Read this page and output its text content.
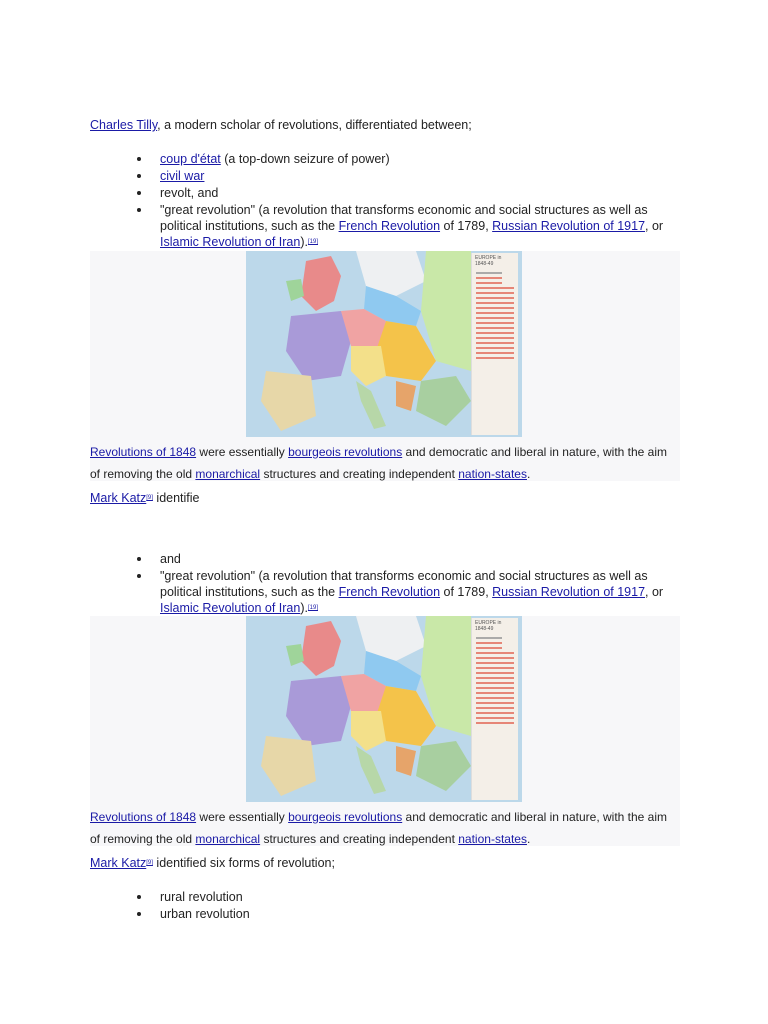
Charles Tilly, a modern scholar of revolutions, differentiated between;
coup d'état (a top-down seizure of power)
civil war
revolt, and
"great revolution" (a revolution that transforms economic and social structures as well as political institutions, such as the French Revolution of 1789, Russian Revolution of 1917, or Islamic Revolution of Iran).[19]
EUROPE in 1848-49
Revolutions of 1848 were essentially bourgeois revolutions and democratic and liberal in nature, with the aim of removing the old monarchical structures and creating independent nation-states.
Mark Katz[9] identifie
and
"great revolution" (a revolution that transforms economic and social structures as well as political institutions, such as the French Revolution of 1789, Russian Revolution of 1917, or Islamic Revolution of Iran).[19]
EUROPE in 1848-49
Revolutions of 1848 were essentially bourgeois revolutions and democratic and liberal in nature, with the aim of removing the old monarchical structures and creating independent nation-states.
Mark Katz[9] identified six forms of revolution;
rural revolution
urban revolution
